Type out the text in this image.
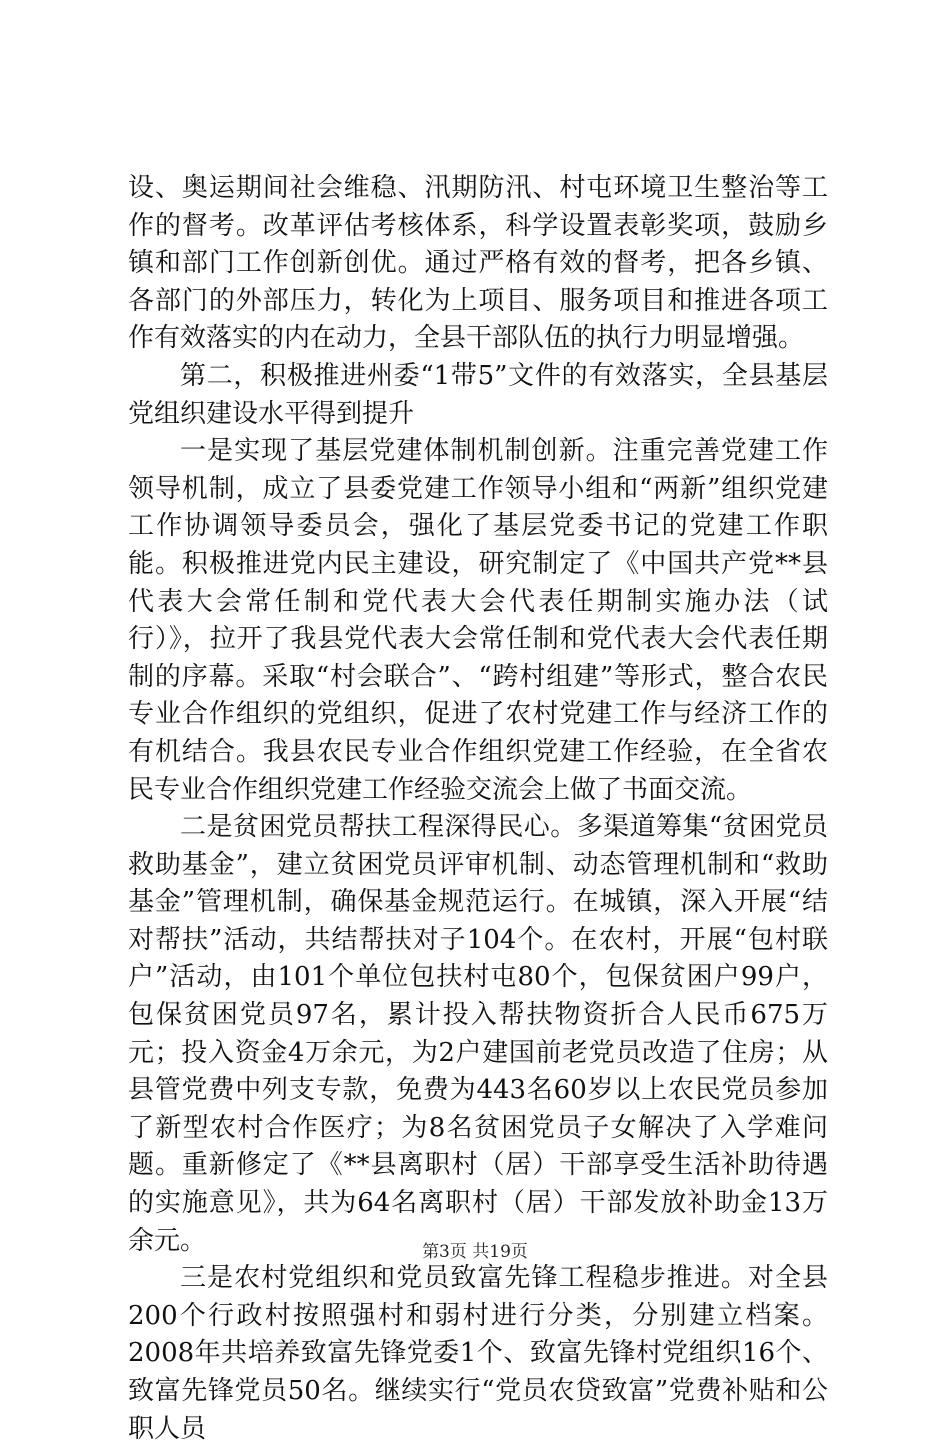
设、奥运期间社会维稳、汛期防汛、村屯环境卫生整治等工作的督考。改革评估考核体系，科学设置表彰奖项，鼓励乡镇和部门工作创新创优。通过严格有效的督考，把各乡镇、各部门的外部压力，转化为上项目、服务项目和推进各项工作有效落实的内在动力，全县干部队伍的执行力明显增强。

第二，积极推进州委“1带5”文件的有效落实，全县基层党组织建设水平得到提升

一是实现了基层党建体制机制创新。注重完善党建工作领导机制，成立了县委党建工作领导小组和“两新”组织党建工作协调领导委员会，强化了基层党委书记的党建工作职能。积极推进党内民主建设，研究制定了《中国共产党**县代表大会常任制和党代表大会代表任期制实施办法（试行）》，拉开了我县党代表大会常任制和党代表大会代表任期制的序幕。采取“村会联合”、“跨村组建”等形式，整合农民专业合作组织的党组织，促进了农村党建工作与经济工作的有机结合。我县农民专业合作组织党建工作经验，在全省农民专业合作组织党建工作经验交流会上做了书面交流。

二是贫困党员帮扶工程深得民心。多渠道筹集“贫困党员救助基金”，建立贫困党员评审机制、动态管理机制和“救助基金”管理机制，确保基金规范运行。在城镇，深入开展“结对帮扶”活动，共结帮扶对子104个。在农村，开展“包村联户”活动，由101个单位包扶村屯80个，包保贫困户99户，包保贫困党员97名，累计投入帮扶物资折合人民币675万元；投入资金4万余元，为2户建国前老党员改造了住房；从县管党费中列支专款，免费为443名60岁以上农民党员参加了新型农村合作医疗；为8名贫困党员子女解决了入学难问题。重新修定了《**县离职村（居）干部享受生活补助待遇的实施意见》，共为64名离职村（居）干部发放补助金13万余元。

三是农村党组织和党员致富先锋工程稳步推进。对全县200个行政村按照强村和弱村进行分类，分别建立档案。2008年共培养致富先锋党委1个、致富先锋村党组织16个、致富先锋党员50名。继续实行“党员农贷致富”党费补贴和公职人员

第3页 共19页
